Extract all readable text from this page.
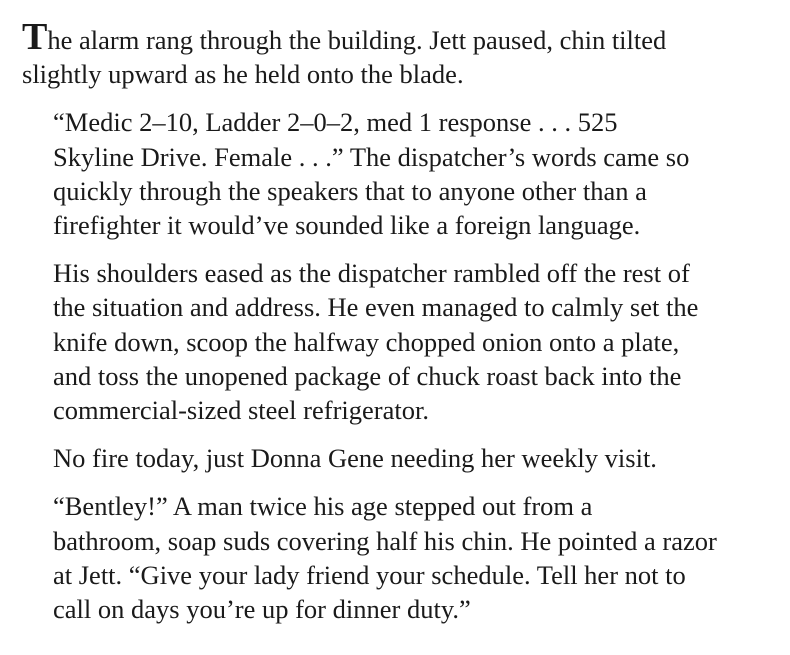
The alarm rang through the building. Jett paused, chin tilted
slightly upward as he held onto the blade.

“Medic 2–10, Ladder 2–0–2, med 1 response . . . 525
Skyline Drive. Female . . .” The dispatcher’s words came so
quickly through the speakers that to anyone other than a
firefighter it would’ve sounded like a foreign language.

His shoulders eased as the dispatcher rambled off the rest of
the situation and address. He even managed to calmly set the
knife down, scoop the halfway chopped onion onto a plate,
and toss the unopened package of chuck roast back into the
commercial-sized steel refrigerator.

No fire today, just Donna Gene needing her weekly visit.

“Bentley!” A man twice his age stepped out from a
bathroom, soap suds covering half his chin. He pointed a razor
at Jett. “Give your lady friend your schedule. Tell her not to
call on days you’re up for dinner duty.”
